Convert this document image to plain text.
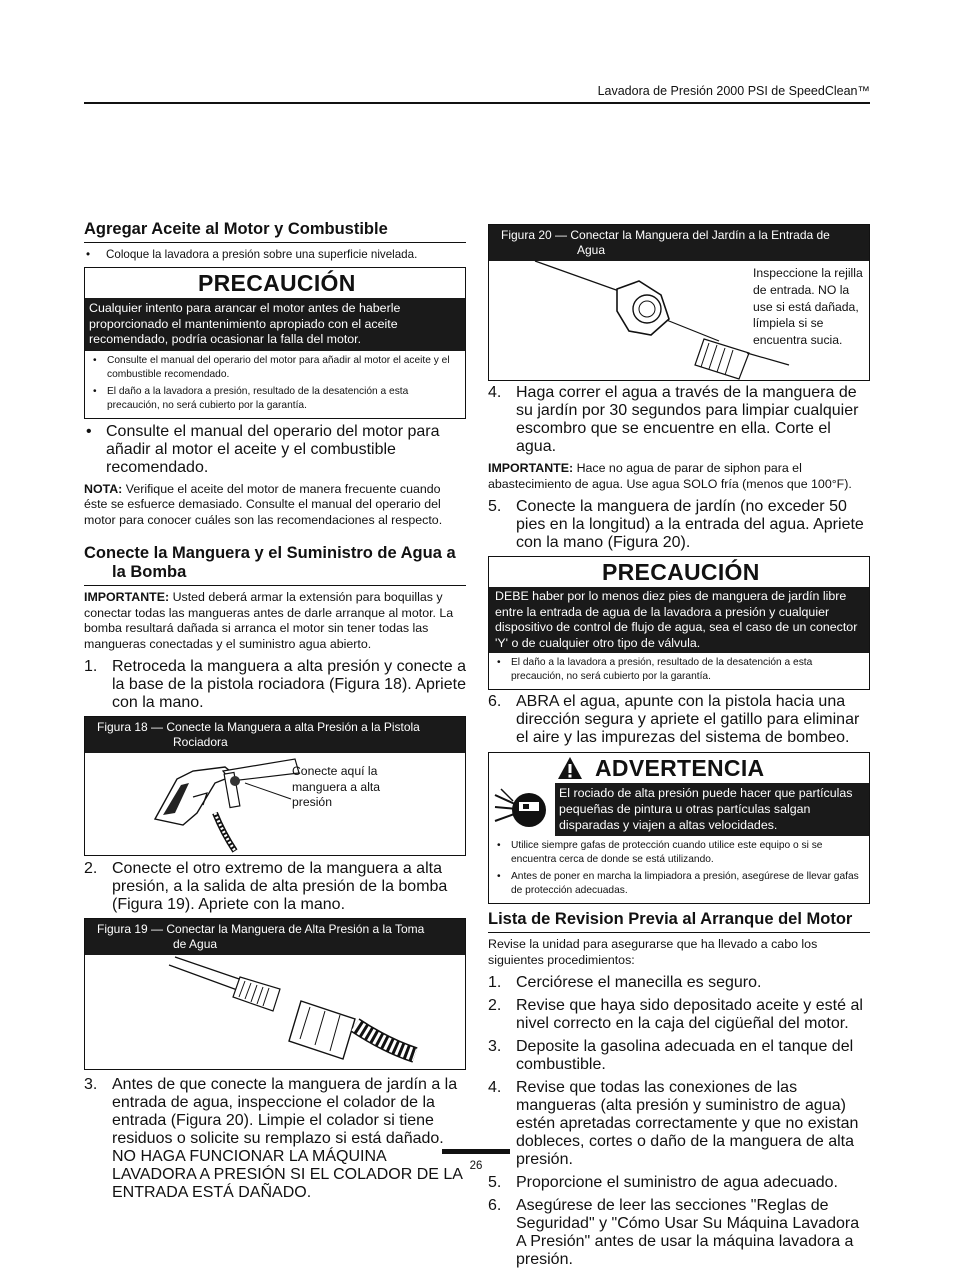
Lavadora de Presión 2000 PSI de SpeedClean™
Agregar Aceite al Motor y Combustible
•	Coloque la lavadora a presión sobre una superficie nivelada.
PRECAUCIÓN
Cualquier intento para arancar el motor antes de haberle proporcionado el mantenimiento apropiado con el aceite recomendado, podría ocasionar la falla del motor.
•	Consulte el manual del operario del motor para añadir al motor el aceite y el combustible recomendado.
•	El daño a la lavadora a presión, resultado de la desatención a esta precaución, no será cubierto por la garantía.
• Consulte el manual del operario del motor para añadir al motor el aceite y el combustible recomendado.

NOTA: Verifique el aceite del motor de manera frecuente cuando éste se esfuerce demasiado. Consulte el manual del operario del motor para conocer cuáles son las recomendaciones al respecto.

Conecte la Manguera y el Suministro de Agua a la Bomba

IMPORTANTE: Usted deberá armar la extensión para boquillas y conectar todas las mangueras antes de darle arranque al motor. La bomba resultará dañada si arranca el motor sin tener todas las mangueras conectadas y el suministro agua abierto.

1. Retroceda la manguera a alta presión y conecte a la base de la pistola rociadora (Figura 18). Apriete con la mano.
Figura 18 — Conecte la Manguera a alta Presión a la Pistola
Rociadora
Conecte aquí la manguera a alta presión
2. Conecte el otro extremo de la manguera a alta presión, a la salida de alta presión de la bomba (Figura 19). Apriete con la mano.
Figura 19 — Conectar la Manguera de Alta Presión a la Toma
de Agua
3. Antes de que conecte la manguera de jardín a la entrada de agua, inspeccione el colador de la entrada (Figura 20). Limpie el colador si tiene residuos o solicite su remplazo si está dañado. NO HAGA FUNCIONAR LA MÁQUINA LAVADORA A PRESIÓN SI EL COLADOR DE LA ENTRADA ESTÁ DAÑADO.
Figura 20 — Conectar la Manguera del Jardín a la Entrada de
Agua
Inspeccione la rejilla de entrada. NO la use si está dañada, límpiela si se encuentra sucia.
4. Haga correr el agua a través de la manguera de su jardín por 30 segundos para limpiar cualquier escombro que se encuentre en ella. Corte el agua.

IMPORTANTE: Hace no agua de parar de siphon para el abastecimiento de agua. Use agua SOLO fría (menos que 100°F).

5. Conecte la manguera de jardín (no exceder 50 pies en la longitud) a la entrada del agua. Apriete con la mano (Figura 20).
PRECAUCIÓN
DEBE haber por lo menos diez pies de manguera de jardín libre entre la entrada de agua de la lavadora a presión y cualquier dispositivo de control de flujo de agua, sea el caso de un conector 'Y' o de cualquier otro tipo de válvula.
•	El daño a la lavadora a presión, resultado de la desatención a esta precaución, no será cubierto por la garantía.
6. ABRA el agua, apunte con la pistola hacia una dirección segura y apriete el gatillo para eliminar el aire y las impurezas del sistema de bombeo.
ADVERTENCIA
El rociado de alta presión puede hacer que partículas pequeñas de pintura u otras partículas salgan disparadas y viajen a altas velocidades.
•	Utilice siempre gafas de protección cuando utilice este equipo o si se encuentra cerca de donde se está utilizando.
•	Antes de poner en marcha la limpiadora a presión, asegúrese de llevar gafas de protección adecuadas.
Lista de Revision Previa al Arranque del Motor

Revise la unidad para asegurarse que ha llevado a cabo los siguientes procedimientos:

1. Cerciórese el manecilla es seguro.
2. Revise que haya sido depositado aceite y esté al nivel correcto en la caja del cigüeñal del motor.
3. Deposite la gasolina adecuada en el tanque del combustible.
4. Revise que todas las conexiones de las mangueras (alta presión y suministro de agua) estén apretadas correctamente y que no existan dobleces, cortes o daño de la manguera de alta presión.
5. Proporcione el suministro de agua adecuado.
6. Asegúrese de leer las secciones "Reglas de Seguridad" y "Cómo Usar Su Máquina Lavadora A Presión" antes de usar la máquina lavadora a presión.
26
